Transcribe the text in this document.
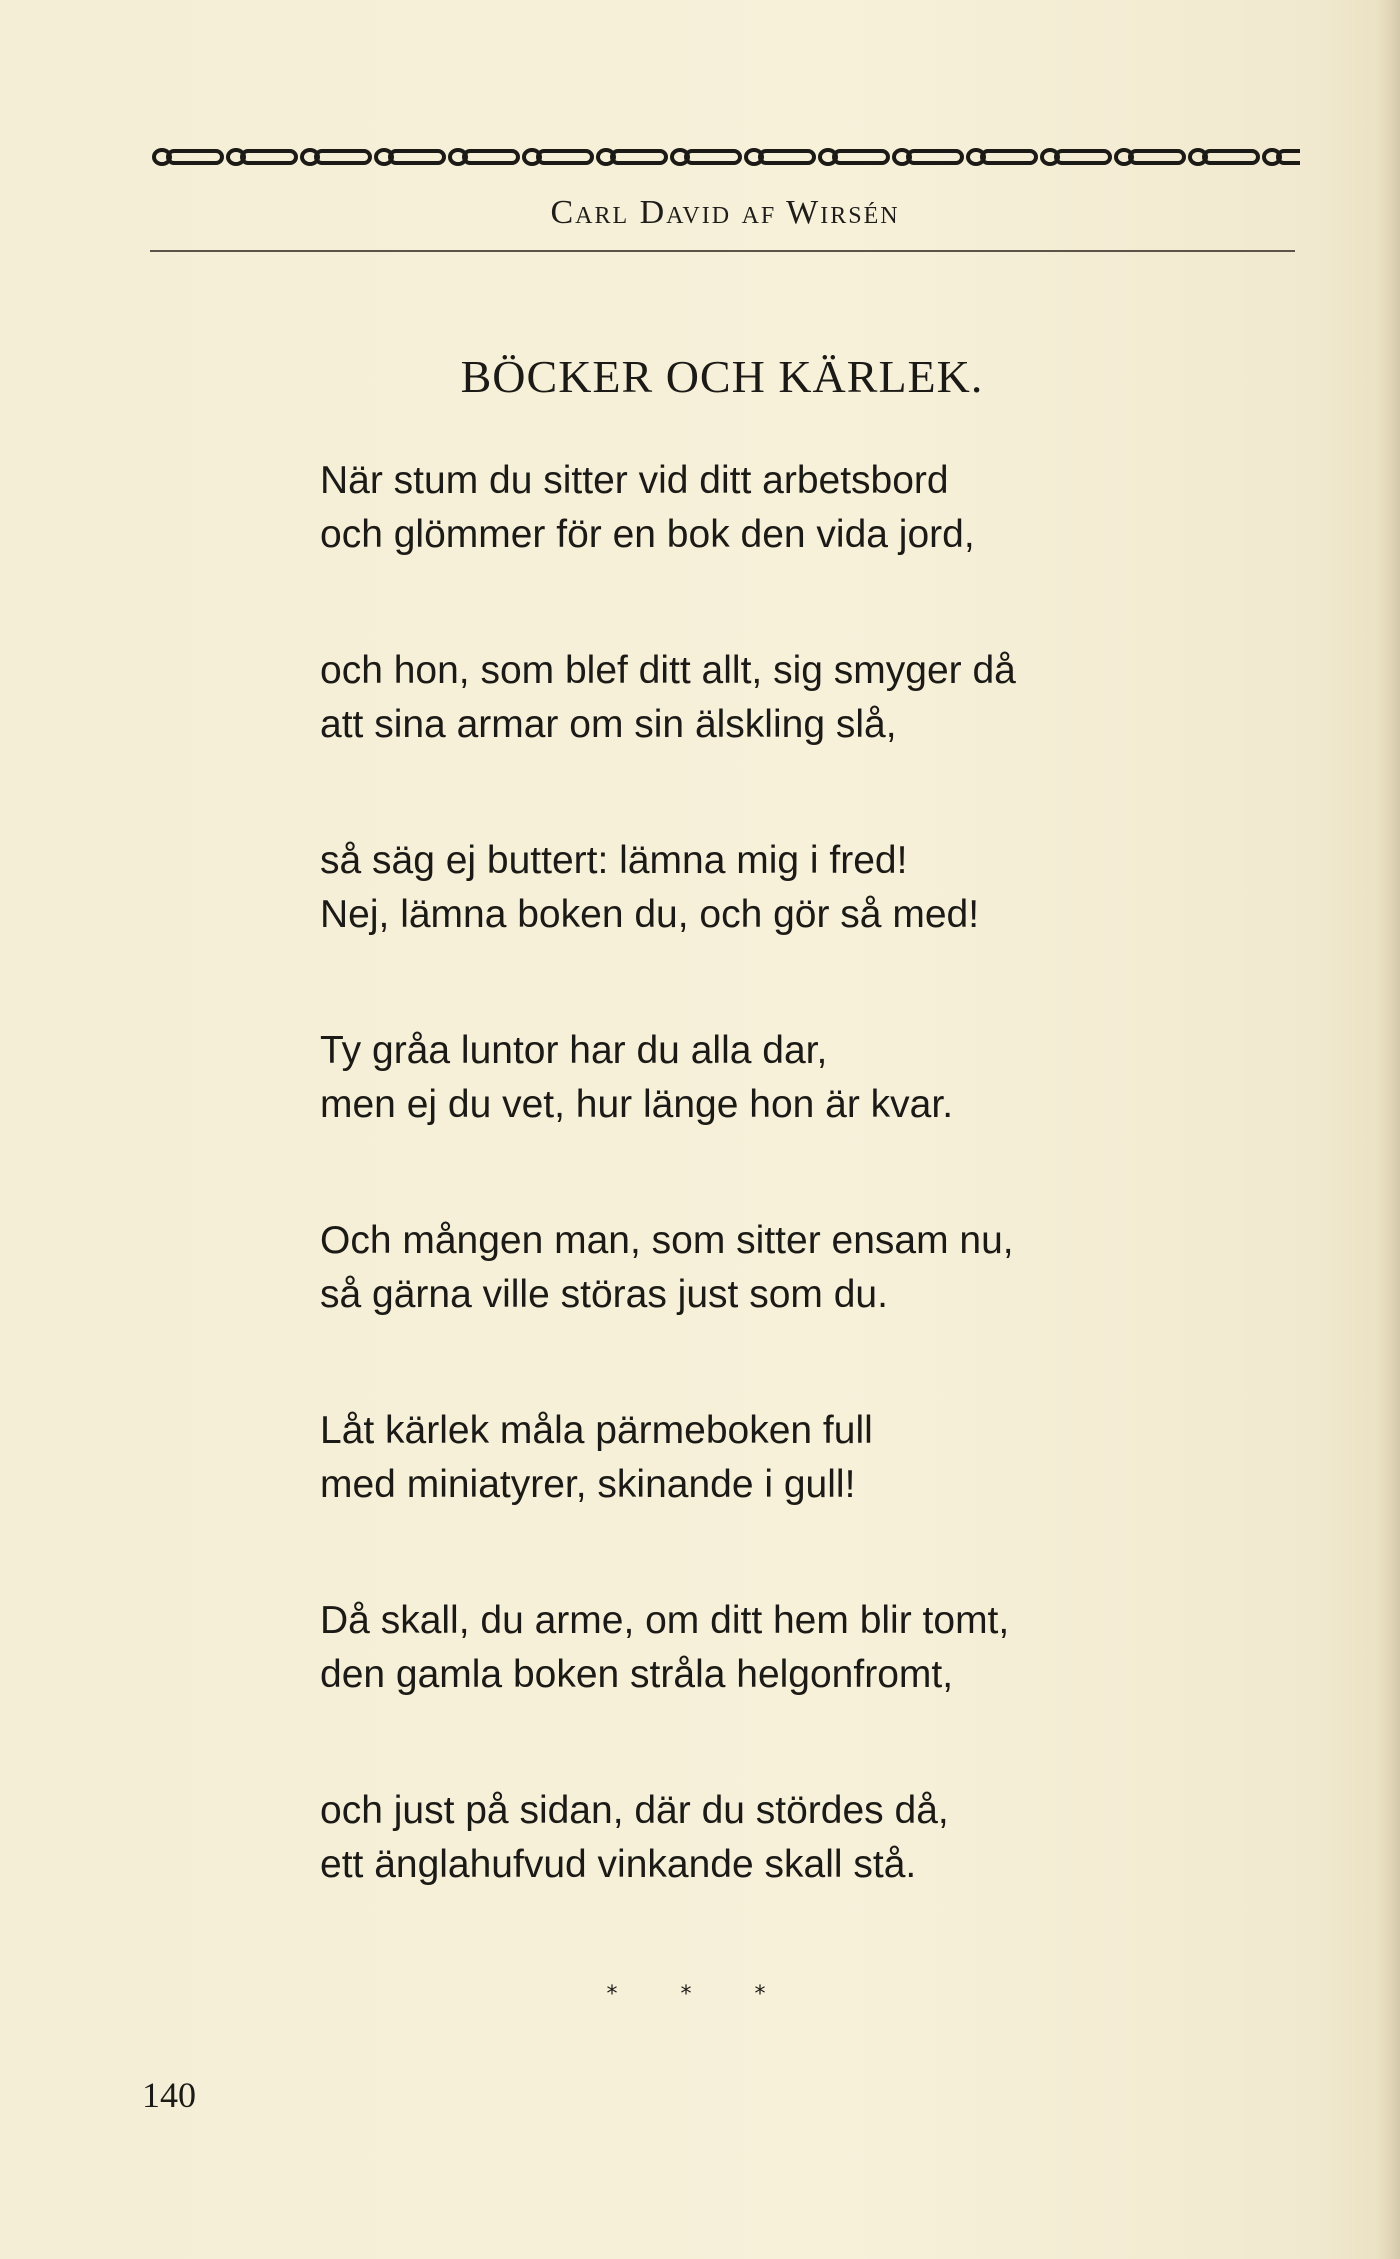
Carl David af Wirsén
BÖCKER OCH KÄRLEK.
När stum du sitter vid ditt arbetsbord
och glömmer för en bok den vida jord,
och hon, som blef ditt allt, sig smyger då
att sina armar om sin älskling slå,
så säg ej buttert: lämna mig i fred!
Nej, lämna boken du, och gör så med!
Ty gråa luntor har du alla dar,
men ej du vet, hur länge hon är kvar.
Och mången man, som sitter ensam nu,
så gärna ville störas just som du.
Låt kärlek måla pärmeboken full
med miniatyrer, skinande i gull!
Då skall, du arme, om ditt hem blir tomt,
den gamla boken stråla helgonfromt,
och just på sidan, där du stördes då,
ett änglahufvud vinkande skall stå.
* * *
140
